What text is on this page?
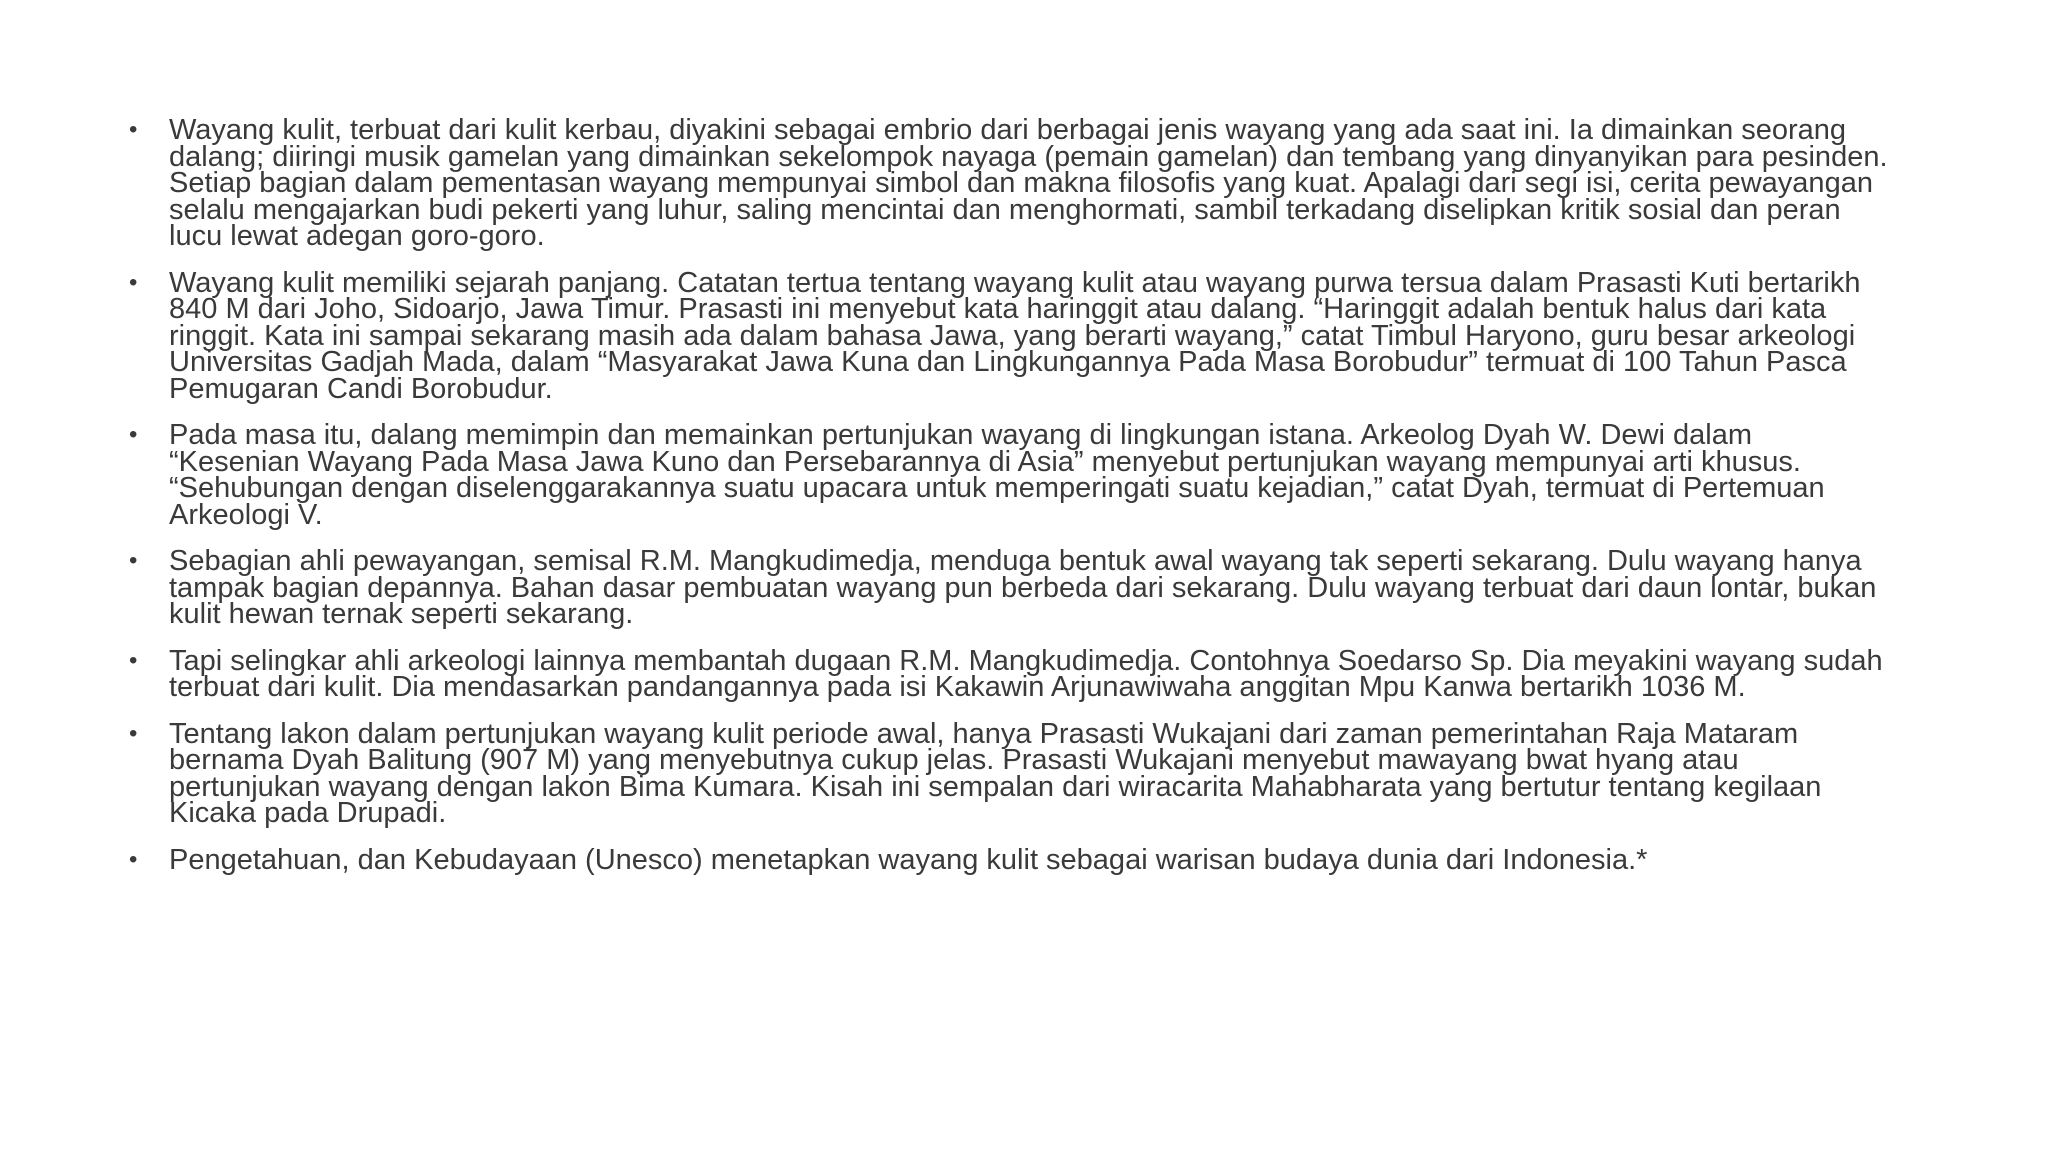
• Wayang kulit, terbuat dari kulit kerbau, diyakini sebagai embrio dari berbagai jenis wayang yang ada saat ini. Ia dimainkan seorang dalang; diiringi musik gamelan yang dimainkan sekelompok nayaga (pemain gamelan) dan tembang yang dinyanyikan para pesinden. Setiap bagian dalam pementasan wayang mempunyai simbol dan makna filosofis yang kuat. Apalagi dari segi isi, cerita pewayangan selalu mengajarkan budi pekerti yang luhur, saling mencintai dan menghormati, sambil terkadang diselipkan kritik sosial dan peran lucu lewat adegan goro-goro.
• Wayang kulit memiliki sejarah panjang. Catatan tertua tentang wayang kulit atau wayang purwa tersua dalam Prasasti Kuti bertarikh 840 M dari Joho, Sidoarjo, Jawa Timur. Prasasti ini menyebut kata haringgit atau dalang. “Haringgit adalah bentuk halus dari kata ringgit. Kata ini sampai sekarang masih ada dalam bahasa Jawa, yang berarti wayang,” catat Timbul Haryono, guru besar arkeologi Universitas Gadjah Mada, dalam “Masyarakat Jawa Kuna dan Lingkungannya Pada Masa Borobudur” termuat di 100 Tahun Pasca Pemugaran Candi Borobudur.
• Pada masa itu, dalang memimpin dan memainkan pertunjukan wayang di lingkungan istana. Arkeolog Dyah W. Dewi dalam “Kesenian Wayang Pada Masa Jawa Kuno dan Persebarannya di Asia” menyebut pertunjukan wayang mempunyai arti khusus. “Sehubungan dengan diselenggarakannya suatu upacara untuk memperingati suatu kejadian,” catat Dyah, termuat di Pertemuan Arkeologi V.
• Sebagian ahli pewayangan, semisal R.M. Mangkudimedja, menduga bentuk awal wayang tak seperti sekarang. Dulu wayang hanya tampak bagian depannya. Bahan dasar pembuatan wayang pun berbeda dari sekarang. Dulu wayang terbuat dari daun lontar, bukan kulit hewan ternak seperti sekarang.
• Tapi selingkar ahli arkeologi lainnya membantah dugaan R.M. Mangkudimedja. Contohnya Soedarso Sp. Dia meyakini wayang sudah terbuat dari kulit. Dia mendasarkan pandangannya pada isi Kakawin Arjunawiwaha anggitan Mpu Kanwa bertarikh 1036 M.
• Tentang lakon dalam pertunjukan wayang kulit periode awal, hanya Prasasti Wukajani dari zaman pemerintahan Raja Mataram bernama Dyah Balitung (907 M) yang menyebutnya cukup jelas. Prasasti Wukajani menyebut mawayang bwat hyang atau pertunjukan wayang dengan lakon Bima Kumara. Kisah ini sempalan dari wiracarita Mahabharata yang bertutur tentang kegilaan Kicaka pada Drupadi.
• Pengetahuan, dan Kebudayaan (Unesco) menetapkan wayang kulit sebagai warisan budaya dunia dari Indonesia.*
